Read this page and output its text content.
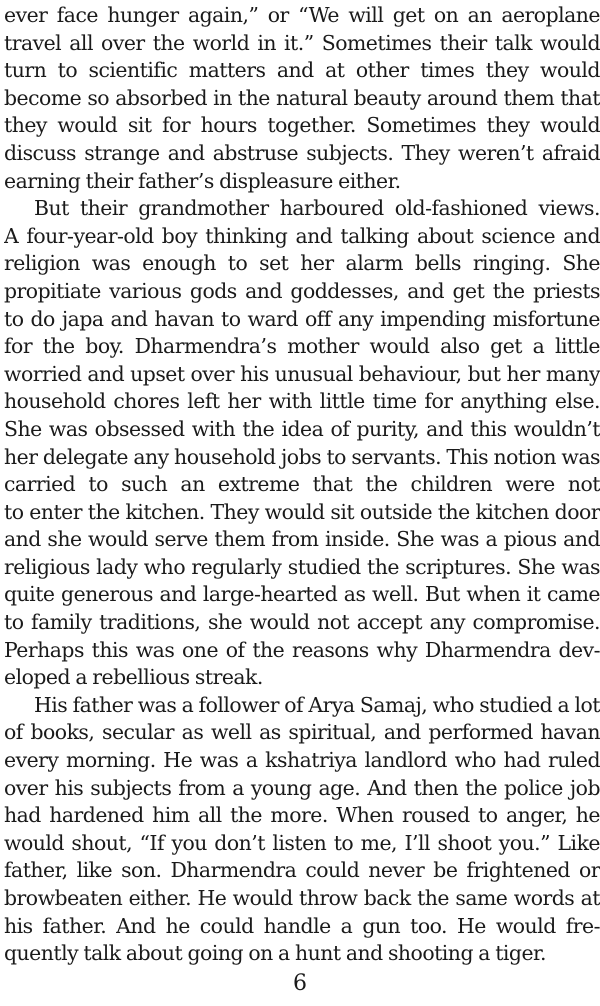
ever face hunger again,” or “We will get on an aeroplane
travel all over the world in it.” Sometimes their talk would
turn to scientific matters and at other times they would
become so absorbed in the natural beauty around them that
they would sit for hours together. Sometimes they would
discuss strange and abstruse subjects. They weren’t afraid
earning their father’s displeasure either.
But their grandmother harboured old-fashioned views.
A four-year-old boy thinking and talking about science and
religion was enough to set her alarm bells ringing. She
propitiate various gods and goddesses, and get the priests
to do japa and havan to ward off any impending misfortune
for the boy. Dharmendra’s mother would also get a little
worried and upset over his unusual behaviour, but her many
household chores left her with little time for anything else.
She was obsessed with the idea of purity, and this wouldn’t
her delegate any household jobs to servants. This notion was
carried to such an extreme that the children were not
to enter the kitchen. They would sit outside the kitchen door
and she would serve them from inside. She was a pious and
religious lady who regularly studied the scriptures. She was
quite generous and large-hearted as well. But when it came
to family traditions, she would not accept any compromise.
Perhaps this was one of the reasons why Dharmendra dev-
eloped a rebellious streak.
His father was a follower of Arya Samaj, who studied a lot
of books, secular as well as spiritual, and performed havan
every morning. He was a kshatriya landlord who had ruled
over his subjects from a young age. And then the police job
had hardened him all the more. When roused to anger, he
would shout, “If you don’t listen to me, I’ll shoot you.” Like
father, like son. Dharmendra could never be frightened or
browbeaten either. He would throw back the same words at
his father. And he could handle a gun too. He would fre-
quently talk about going on a hunt and shooting a tiger.
6
